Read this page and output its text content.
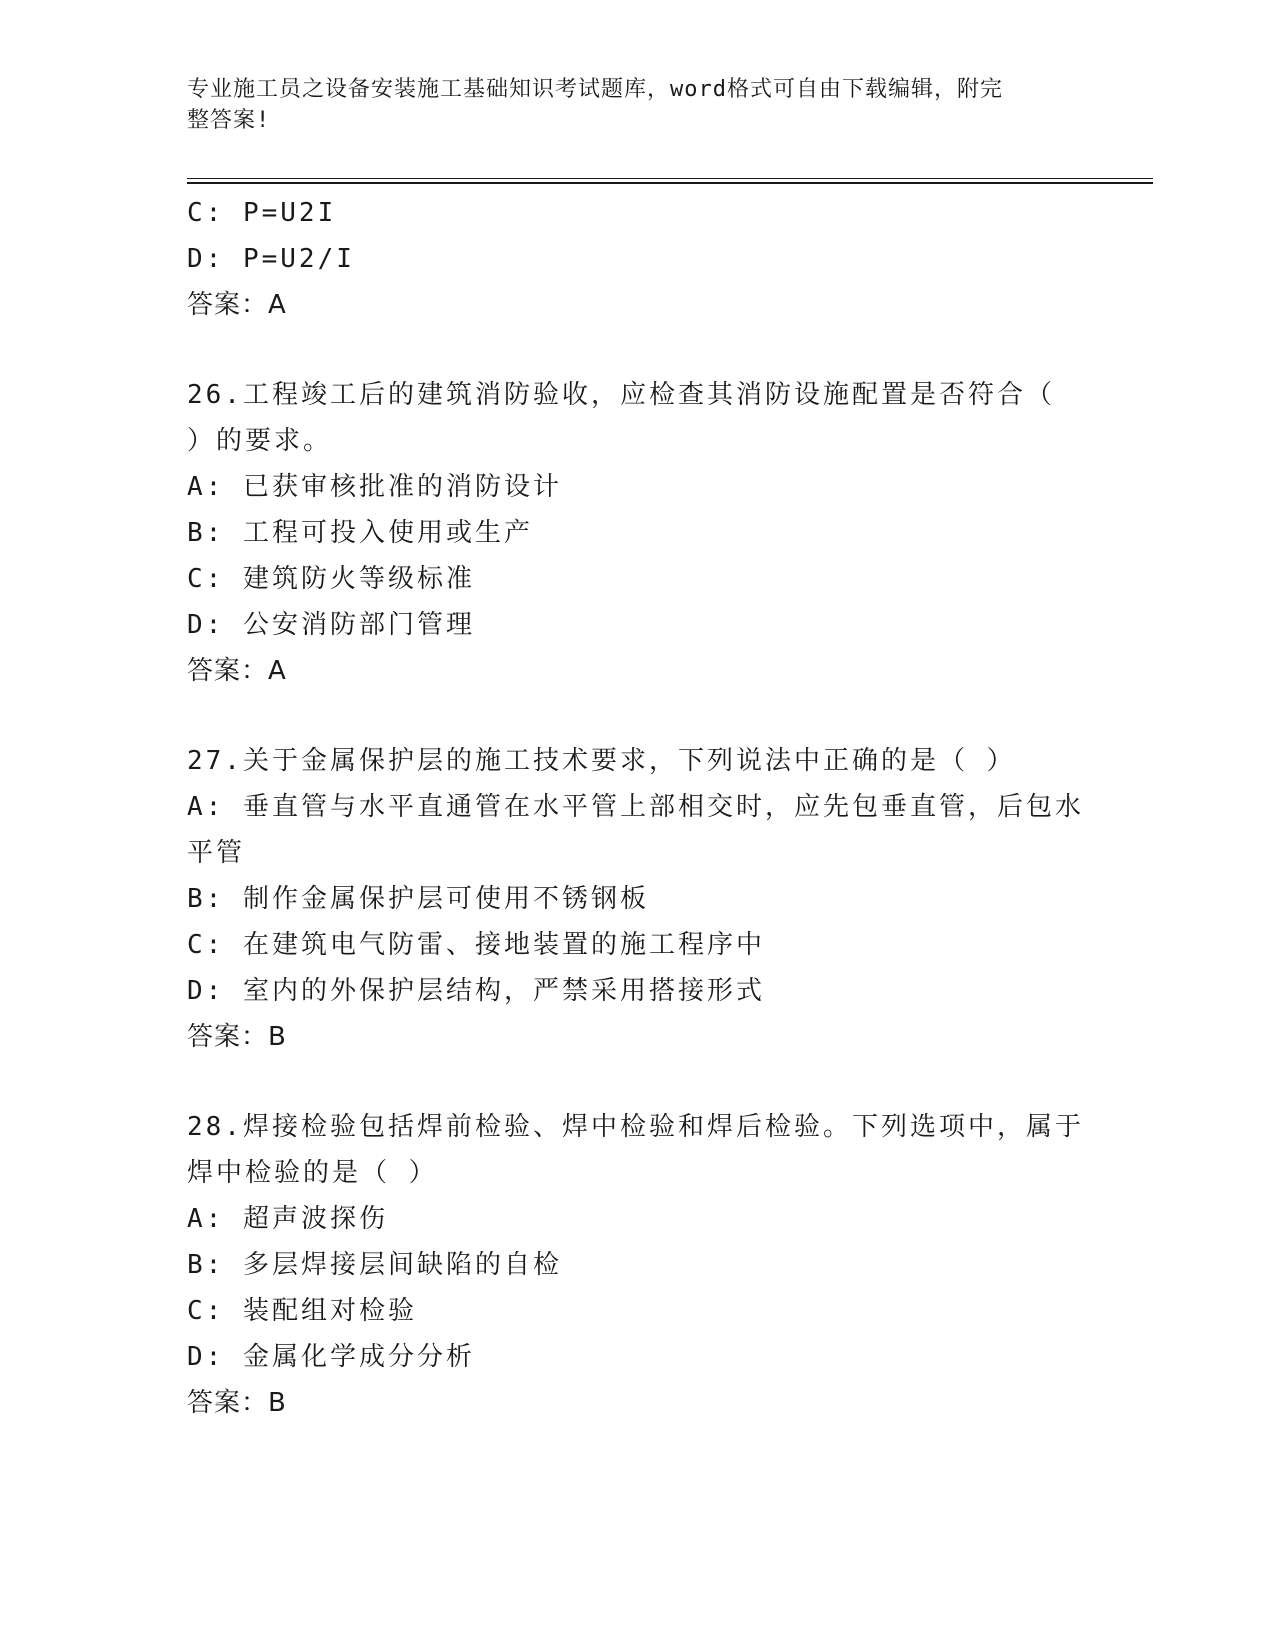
专业施工员之设备安装施工基础知识考试题库，word格式可自由下载编辑，附完
整答案!
C: P=U2I
D: P=U2/I
答案：A
26.工程竣工后的建筑消防验收，应检查其消防设施配置是否符合（
）的要求。
A: 已获审核批准的消防设计
B: 工程可投入使用或生产
C: 建筑防火等级标准
D: 公安消防部门管理
答案：A
27.关于金属保护层的施工技术要求，下列说法中正确的是（ ）
A: 垂直管与水平直通管在水平管上部相交时，应先包垂直管，后包水
平管
B: 制作金属保护层可使用不锈钢板
C: 在建筑电气防雷、接地装置的施工程序中
D: 室内的外保护层结构，严禁采用搭接形式
答案：B
28.焊接检验包括焊前检验、焊中检验和焊后检验。下列选项中，属于
焊中检验的是（ ）
A: 超声波探伤
B: 多层焊接层间缺陷的自检
C: 装配组对检验
D: 金属化学成分分析
答案：B
